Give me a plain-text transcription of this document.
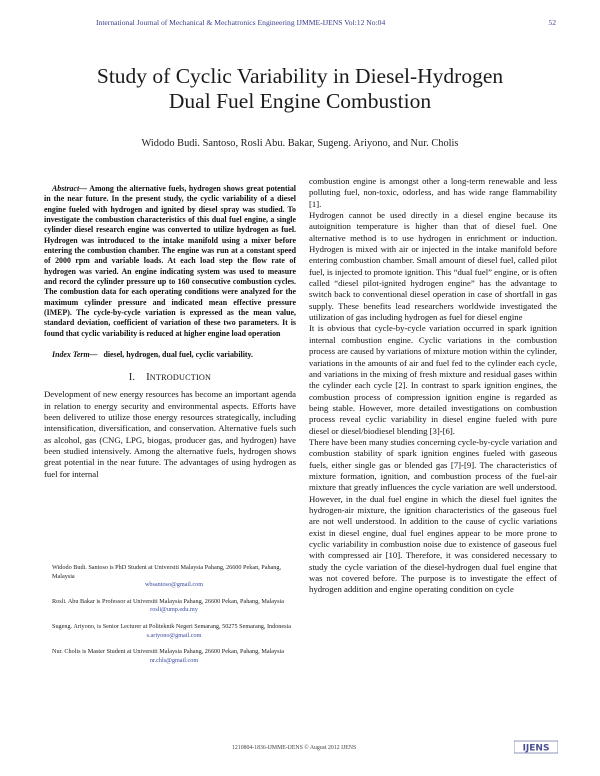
International Journal of Mechanical & Mechatronics Engineering IJMME-IJENS Vol:12 No:04	52
Study of Cyclic Variability in Diesel-Hydrogen
Dual Fuel Engine Combustion
Widodo Budi. Santoso, Rosli Abu. Bakar, Sugeng. Ariyono, and Nur. Cholis

Abstract— Among the alternative fuels, hydrogen shows great potential in the near future. In the present study, the cyclic variability of a diesel engine fueled with hydrogen and ignited by diesel spray was studied. To investigate the combustion characteristics of this dual fuel engine, a single cylinder diesel research engine was converted to utilize hydrogen as fuel. Hydrogen was introduced to the intake manifold using a mixer before entering the combustion chamber. The engine was run at a constant speed of 2000 rpm and variable loads. At each load step the flow rate of hydrogen was varied. An engine indicating system was used to measure and record the cylinder pressure up to 160 consecutive combustion cycles. The combustion data for each operating conditions were analyzed for the maximum cylinder pressure and indicated mean effective pressure (IMEP). The cycle-by-cycle variation is expressed as the mean value, standard deviation, coefficient of variation of these two parameters. It is found that cyclic variability is reduced at higher engine load operation

Index Term— diesel, hydrogen, dual fuel, cyclic variability.

I. INTRODUCTION

Development of new energy resources has become an important agenda in relation to energy security and environmental aspects. Efforts have been delivered to utilize those energy resources strategically, including intensification, diversification, and conservation. Alternative fuels such as alcohol, gas (CNG, LPG, biogas, producer gas, and hydrogen) have been studied intensively. Among the alternative fuels, hydrogen shows great potential in the near future. The advantages of using hydrogen as fuel for internal

Widodo Budi. Santoso is PhD Student at Universiti Malaysia Pahang, 26600 Pekan, Pahang, Malaysia
wbsantoso@gmail.com
Rosli. Abu Bakar is Professor at Universiti Malaysia Pahang, 26600 Pekan, Pahang, Malaysia
rosli@ump.edu.my
Sugeng. Ariyono, is Senior Lecturer at Politeknik Negeri Semarang, 50275 Semarang, Indonesia
s.ariyono@gmail.com
Nur. Cholis is Master Student at Universiti Malaysia Pahang, 26600 Pekan, Pahang, Malaysia
nr.chls@gmail.com

combustion engine is amongst other a long-term renewable and less polluting fuel, non-toxic, odorless, and has wide range flammability [1].

Hydrogen cannot be used directly in a diesel engine because its autoignition temperature is higher than that of diesel fuel. One alternative method is to use hydrogen in enrichment or induction. Hydrogen is mixed with air or injected in the intake manifold before entering combustion chamber. Small amount of diesel fuel, called pilot fuel, is injected to promote ignition. This “dual fuel” engine, or is often called “diesel pilot-ignited hydrogen engine” has the advantage to switch back to conventional diesel operation in case of shortfall in gas supply. These benefits lead researchers worldwide investigated the utilization of gas including hydrogen as fuel for diesel engine

It is obvious that cycle-by-cycle variation occurred in spark ignition internal combustion engine. Cyclic variations in the combustion process are caused by variations of mixture motion within the cylinder, variations in the amounts of air and fuel fed to the cylinder each cycle, and variations in the mixing of fresh mixture and residual gases within the cylinder each cycle [2]. In contrast to spark ignition engines, the combustion process of compression ignition engine is regarded as being stable. However, more detailed investigations on combustion process reveal cyclic variability in diesel engine fueled with pure diesel or diesel/biodiesel blending [3]-[6].

There have been many studies concerning cycle-by-cycle variation and combustion stability of spark ignition engines fueled with gaseous fuels, either single gas or blended gas [7]-[9]. The characteristics of mixture formation, ignition, and combustion process of the fuel-air mixture that greatly influences the cycle variation are well understood. However, in the dual fuel engine in which the diesel fuel ignites the hydrogen-air mixture, the ignition characteristics of the gaseous fuel are not well understood. In addition to the cause of cyclic variations exist in diesel engine, dual fuel engines appear to be more prone to cyclic variability in combustion noise due to existence of gaseous fuel with compressed air [10]. Therefore, it was considered necessary to study the cycle variation of the diesel-hydrogen dual fuel engine that was not covered before. The purpose is to investigate the effect of hydrogen addition and engine operating condition on cycle

1210804-1836-IJMME-IJENS © August 2012 IJENS	IJENS
